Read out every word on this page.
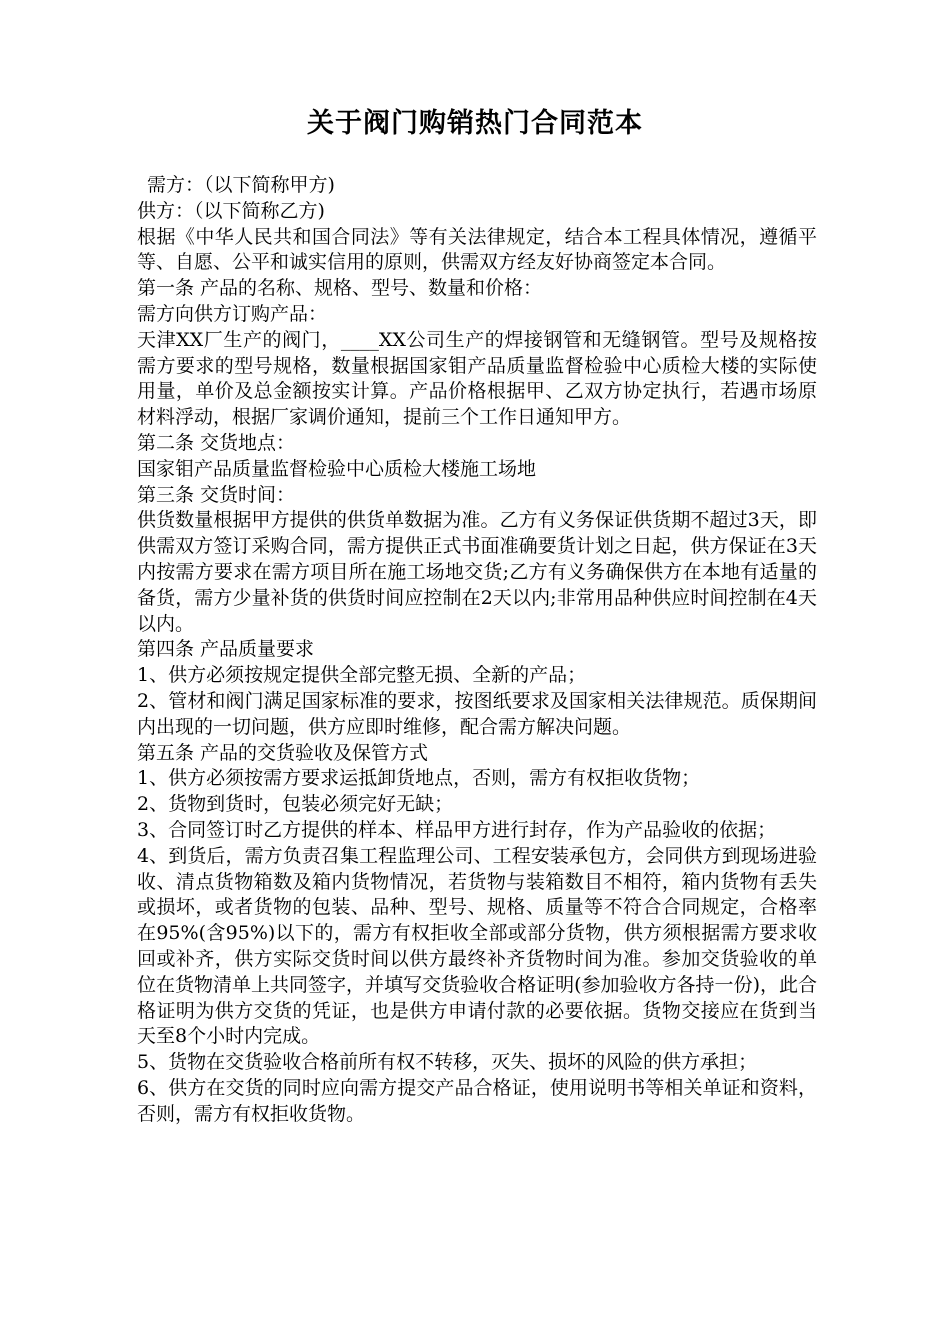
关于阀门购销热门合同范本

需方：（以下简称甲方)

供方：（以下简称乙方)

根据《中华人民共和国合同法》等有关法律规定，结合本工程具体情况，遵循平等、自愿、公平和诚实信用的原则，供需双方经友好协商签定本合同。

第一条 产品的名称、规格、型号、数量和价格：

需方向供方订购产品：

天津XX厂生产的阀门，____XX公司生产的焊接钢管和无缝钢管。型号及规格按需方要求的型号规格，数量根据国家钼产品质量监督检验中心质检大楼的实际使用量，单价及总金额按实计算。产品价格根据甲、乙双方协定执行，若遇市场原材料浮动，根据厂家调价通知，提前三个工作日通知甲方。

第二条 交货地点：

国家钼产品质量监督检验中心质检大楼施工场地

第三条 交货时间：

供货数量根据甲方提供的供货单数据为准。乙方有义务保证供货期不超过3天，即供需双方签订采购合同，需方提供正式书面准确要货计划之日起，供方保证在3天内按需方要求在需方项目所在施工场地交货;乙方有义务确保供方在本地有适量的备货，需方少量补货的供货时间应控制在2天以内;非常用品种供应时间控制在4天以内。

第四条 产品质量要求

1、供方必须按规定提供全部完整无损、全新的产品；

2、管材和阀门满足国家标准的要求，按图纸要求及国家相关法律规范。质保期间内出现的一切问题，供方应即时维修，配合需方解决问题。

第五条 产品的交货验收及保管方式

1、供方必须按需方要求运抵卸货地点，否则，需方有权拒收货物；

2、货物到货时，包装必须完好无缺；

3、合同签订时乙方提供的样本、样品甲方进行封存，作为产品验收的依据；

4、到货后，需方负责召集工程监理公司、工程安装承包方，会同供方到现场进验收、清点货物箱数及箱内货物情况，若货物与装箱数目不相符，箱内货物有丢失或损坏，或者货物的包装、品种、型号、规格、质量等不符合合同规定，合格率在95%(含95%)以下的，需方有权拒收全部或部分货物，供方须根据需方要求收回或补齐，供方实际交货时间以供方最终补齐货物时间为准。参加交货验收的单位在货物清单上共同签字，并填写交货验收合格证明(参加验收方各持一份)，此合格证明为供方交货的凭证，也是供方申请付款的必要依据。货物交接应在货到当天至8个小时内完成。

5、货物在交货验收合格前所有权不转移，灭失、损坏的风险的供方承担；

6、供方在交货的同时应向需方提交产品合格证，使用说明书等相关单证和资料，否则，需方有权拒收货物。
